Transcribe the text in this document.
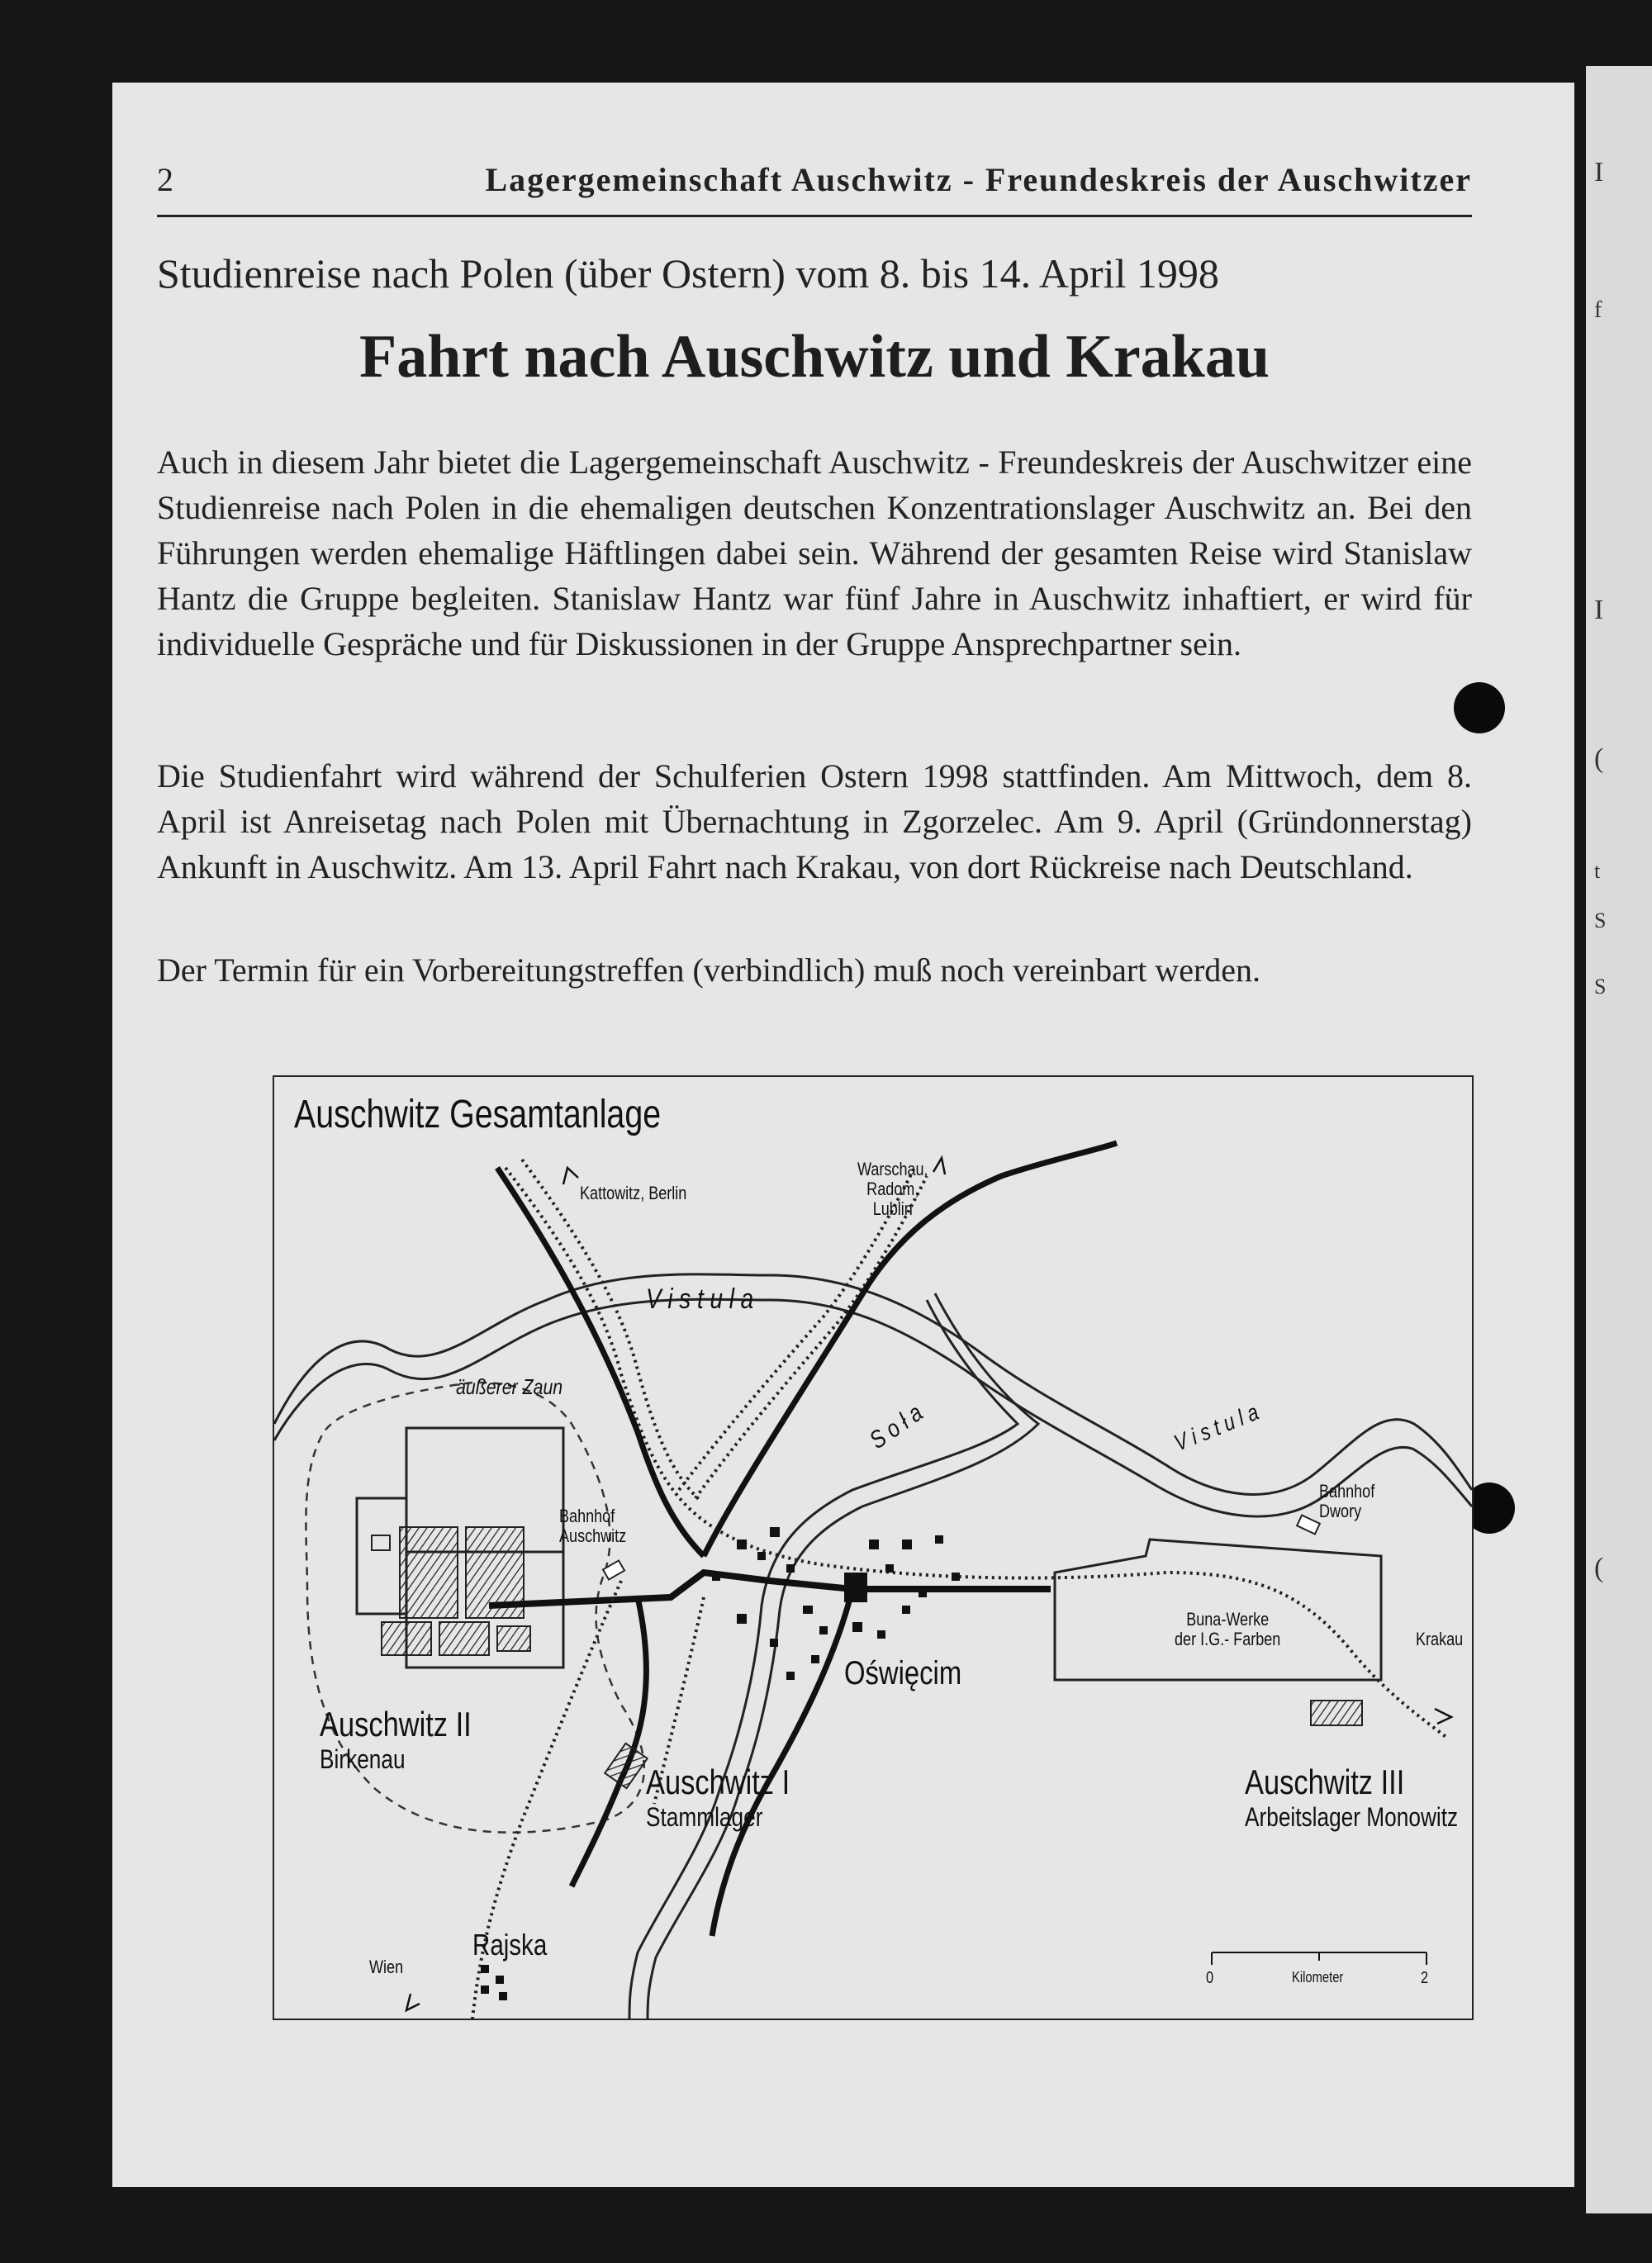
I
f
I
(
t
S
S
(
2	Lagergemeinschaft Auschwitz - Freundeskreis der Auschwitzer
Studienreise nach Polen (über Ostern) vom 8. bis 14. April 1998
Fahrt nach Auschwitz und Krakau
Auch in diesem Jahr bietet die Lagergemeinschaft Auschwitz - Freundeskreis der Auschwitzer eine Studienreise nach Polen in die ehemaligen deutschen Konzentrationslager Auschwitz an. Bei den Führungen werden ehemalige Häftlingen dabei sein. Während der gesamten Reise wird Stanislaw Hantz die Gruppe begleiten. Stanislaw Hantz war fünf Jahre in Auschwitz inhaftiert, er wird für individuelle Gespräche und für Diskussionen in der Gruppe Ansprechpartner sein.
Die Studienfahrt wird während der Schulferien Ostern 1998 stattfinden. Am Mittwoch, dem 8. April ist Anreisetag nach Polen mit Übernachtung in Zgorzelec. Am 9. April (Gründonnerstag) Ankunft in Auschwitz. Am 13. April Fahrt nach Krakau, von dort Rückreise nach Deutschland.
Der Termin für ein Vorbereitungstreffen (verbindlich) muß noch vereinbart werden.
Auschwitz Gesamtanlage
Kattowitz, Berlin
Warschau,
Radom,
Lublin
V i s t u l a
V i s t u l a
S o ł a
äußerer Zaun
Bahnhof
Auschwitz
Bahnhof
Dwory
Buna-Werke
der I.G.- Farben	Krakau
Oświęcim
Auschwitz II
Birkenau
Auschwitz I
Stammlager
Auschwitz III
Arbeitslager Monowitz
Rajska
Wien
0	Kilometer	2
